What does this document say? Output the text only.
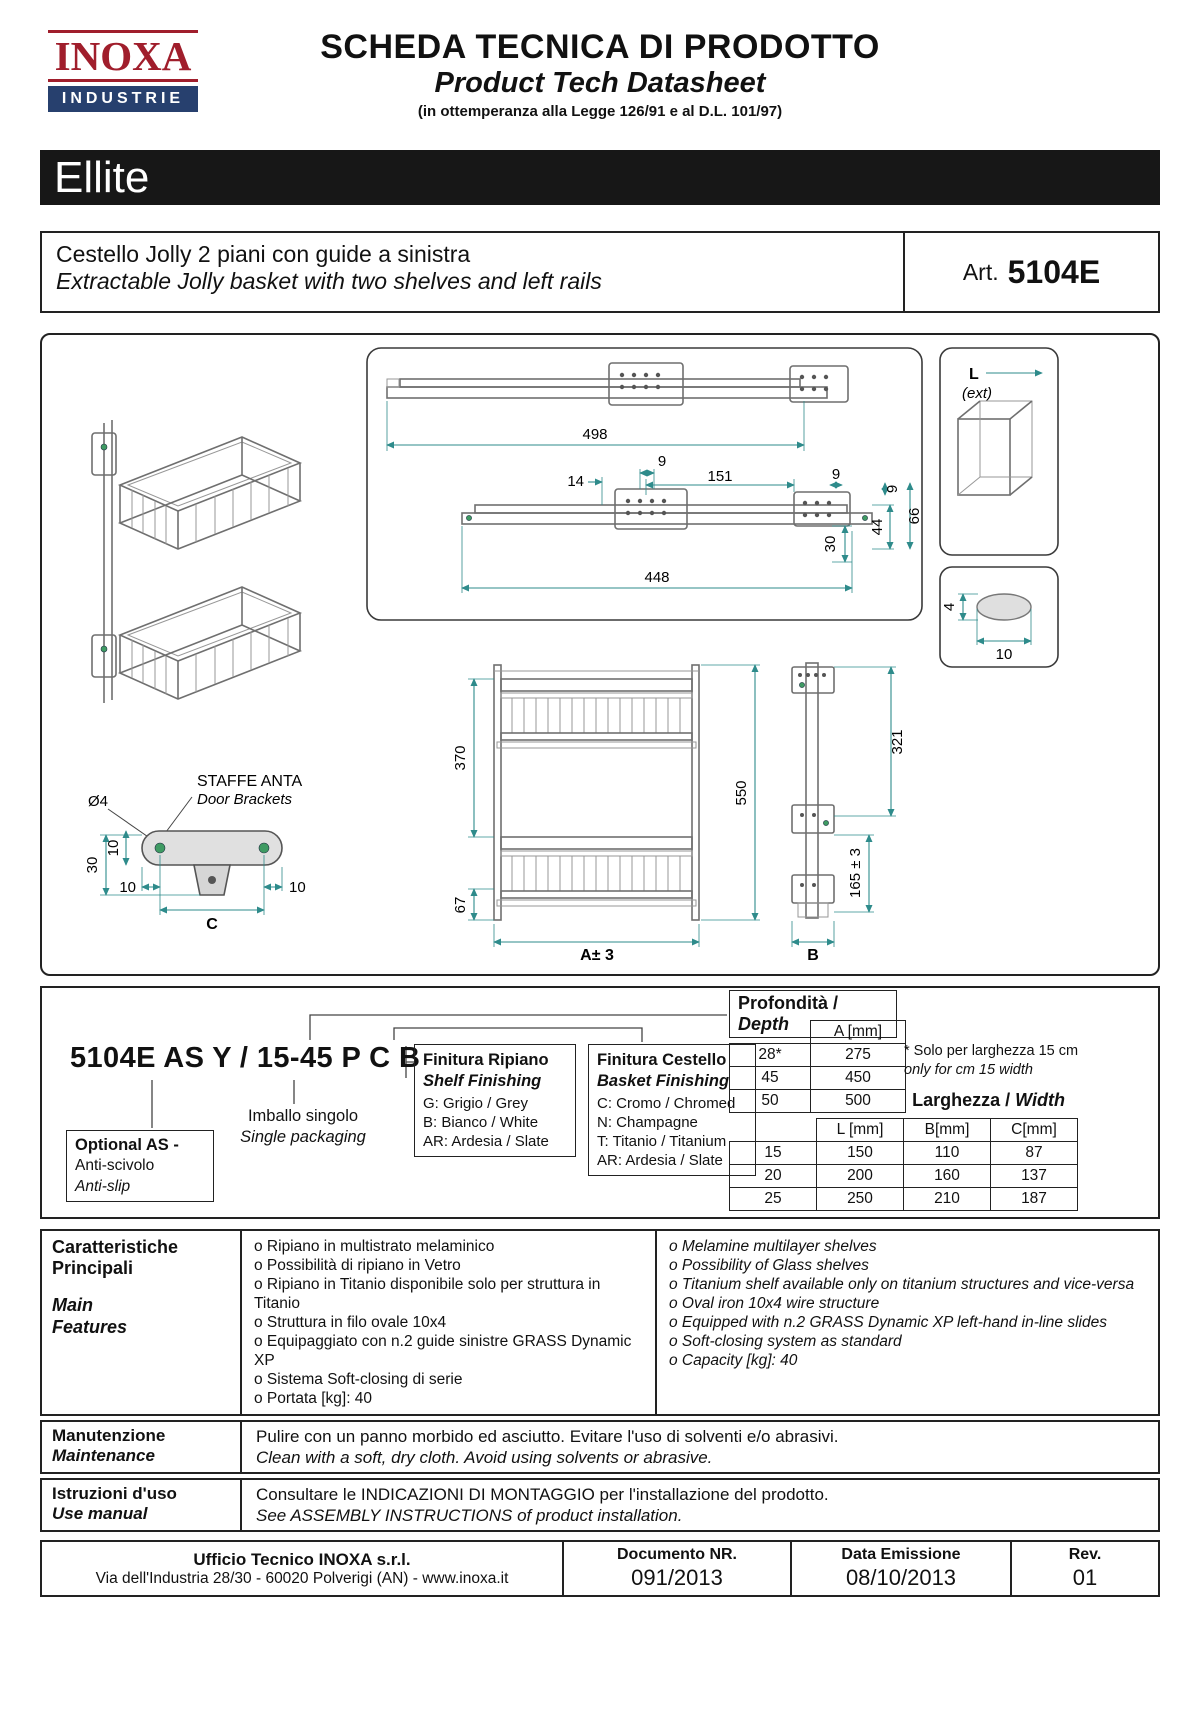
INOXA
INDUSTRIE
SCHEDA TECNICA DI PRODOTTO
Product Tech Datasheet
(in ottemperanza alla Legge 126/91 e al D.L. 101/97)
Ellite
Cestello Jolly 2 piani con guide a sinistra
Extractable Jolly basket with two shelves and left rails	Art. 5104E
498
14
9
151	9
9
44
66
30
448
L
(ext)
4
10
370
550
67
A± 3
321
165 ± 3
B
STAFFE ANTA
Door Brackets
Ø4
30
10
10	10
C
5104E AS Y / 15-45 P C B
Imballo singolo
Single packaging
Optional AS -
Anti-scivolo
Anti-slip
Finitura Ripiano
Shelf Finishing
G: Grigio / Grey
B: Bianco / White
AR: Ardesia / Slate
Finitura Cestello
Basket Finishing
C: Cromo / Chromed
N: Champagne
T: Titanio / Titanium
AR: Ardesia / Slate
Profondità / Depth
		A [mm]
28*	275
45	450
50	500
* Solo per larghezza 15 cm
only for cm 15 width
Larghezza / Width
	L [mm]	B[mm]	C[mm]
15	150	110	87
20	200	160	137
25	250	210	187
Caratteristiche Principali
Main Features
o Ripiano in multistrato melaminico
o Possibilità di ripiano in Vetro
o Ripiano in Titanio disponibile solo per struttura in Titanio
o Struttura in filo ovale 10x4
o Equipaggiato con n.2 guide sinistre GRASS Dynamic XP
o Sistema Soft-closing di serie
o Portata [kg]: 40
o Melamine multilayer shelves
o Possibility of Glass shelves
o Titanium shelf available only on titanium structures and vice-versa
o Oval iron 10x4 wire structure
o Equipped with n.2 GRASS Dynamic XP left-hand in-line slides
o Soft-closing system as standard
o Capacity [kg]: 40
Manutenzione
Maintenance
Pulire con un panno morbido ed asciutto. Evitare l'uso di solventi e/o abrasivi.
Clean with a soft, dry cloth. Avoid using solvents or abrasive.
Istruzioni d'uso
Use manual
Consultare le INDICAZIONI DI MONTAGGIO per l'installazione del prodotto.
See ASSEMBLY INSTRUCTIONS of product installation.
Ufficio Tecnico INOXA s.r.l.
Via dell'Industria 28/30 - 60020 Polverigi (AN) - www.inoxa.it
Documento NR.
091/2013
Data Emissione
08/10/2013
Rev.
01
